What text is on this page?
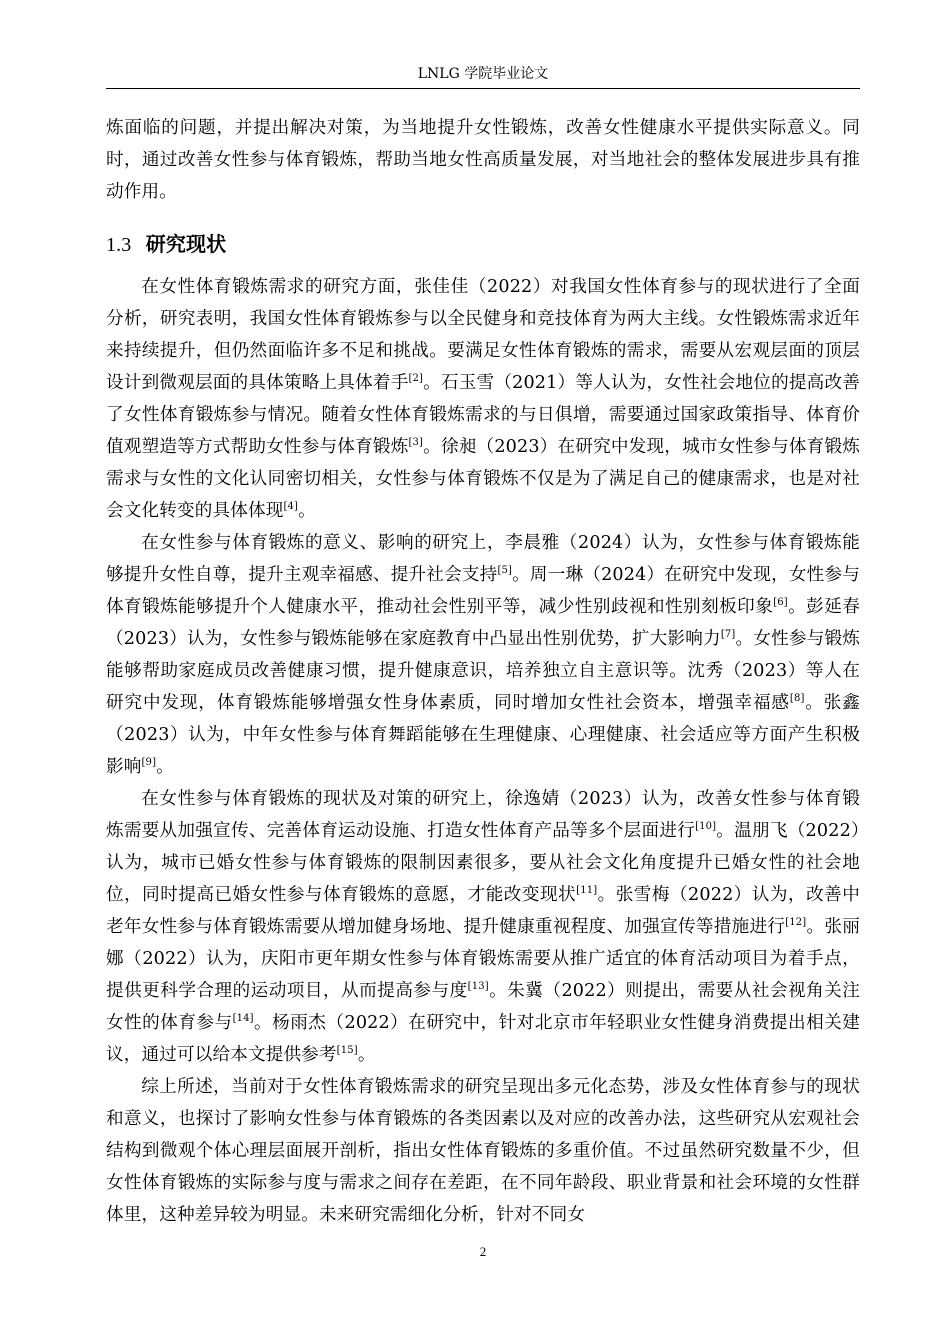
LNLG 学院毕业论文

炼面临的问题，并提出解决对策，为当地提升女性锻炼，改善女性健康水平提供实际意义。同时，通过改善女性参与体育锻炼，帮助当地女性高质量发展，对当地社会的整体发展进步具有推动作用。

1.3 研究现状

在女性体育锻炼需求的研究方面，张佳佳（2022）对我国女性体育参与的现状进行了全面分析，研究表明，我国女性体育锻炼参与以全民健身和竞技体育为两大主线。女性锻炼需求近年来持续提升，但仍然面临许多不足和挑战。要满足女性体育锻炼的需求，需要从宏观层面的顶层设计到微观层面的具体策略上具体着手[2]。石玉雪（2021）等人认为，女性社会地位的提高改善了女性体育锻炼参与情况。随着女性体育锻炼需求的与日俱增，需要通过国家政策指导、体育价值观塑造等方式帮助女性参与体育锻炼[3]。徐昶（2023）在研究中发现，城市女性参与体育锻炼需求与女性的文化认同密切相关，女性参与体育锻炼不仅是为了满足自己的健康需求，也是对社会文化转变的具体体现[4]。

在女性参与体育锻炼的意义、影响的研究上，李晨雅（2024）认为，女性参与体育锻炼能够提升女性自尊，提升主观幸福感、提升社会支持[5]。周一琳（2024）在研究中发现，女性参与体育锻炼能够提升个人健康水平，推动社会性别平等，减少性别歧视和性别刻板印象[6]。彭延春（2023）认为，女性参与锻炼能够在家庭教育中凸显出性别优势，扩大影响力[7]。女性参与锻炼能够帮助家庭成员改善健康习惯，提升健康意识，培养独立自主意识等。沈秀（2023）等人在研究中发现，体育锻炼能够增强女性身体素质，同时增加女性社会资本，增强幸福感[8]。张鑫（2023）认为，中年女性参与体育舞蹈能够在生理健康、心理健康、社会适应等方面产生积极影响[9]。

在女性参与体育锻炼的现状及对策的研究上，徐逸婧（2023）认为，改善女性参与体育锻炼需要从加强宣传、完善体育运动设施、打造女性体育产品等多个层面进行[10]。温朋飞（2022）认为，城市已婚女性参与体育锻炼的限制因素很多，要从社会文化角度提升已婚女性的社会地位，同时提高已婚女性参与体育锻炼的意愿，才能改变现状[11]。张雪梅（2022）认为，改善中老年女性参与体育锻炼需要从增加健身场地、提升健康重视程度、加强宣传等措施进行[12]。张丽娜（2022）认为，庆阳市更年期女性参与体育锻炼需要从推广适宜的体育活动项目为着手点，提供更科学合理的运动项目，从而提高参与度[13]。朱冀（2022）则提出，需要从社会视角关注女性的体育参与[14]。杨雨杰（2022）在研究中，针对北京市年轻职业女性健身消费提出相关建议，通过可以给本文提供参考[15]。

综上所述，当前对于女性体育锻炼需求的研究呈现出多元化态势，涉及女性体育参与的现状和意义，也探讨了影响女性参与体育锻炼的各类因素以及对应的改善办法，这些研究从宏观社会结构到微观个体心理层面展开剖析，指出女性体育锻炼的多重价值。不过虽然研究数量不少，但女性体育锻炼的实际参与度与需求之间存在差距，在不同年龄段、职业背景和社会环境的女性群体里，这种差异较为明显。未来研究需细化分析，针对不同女

2
